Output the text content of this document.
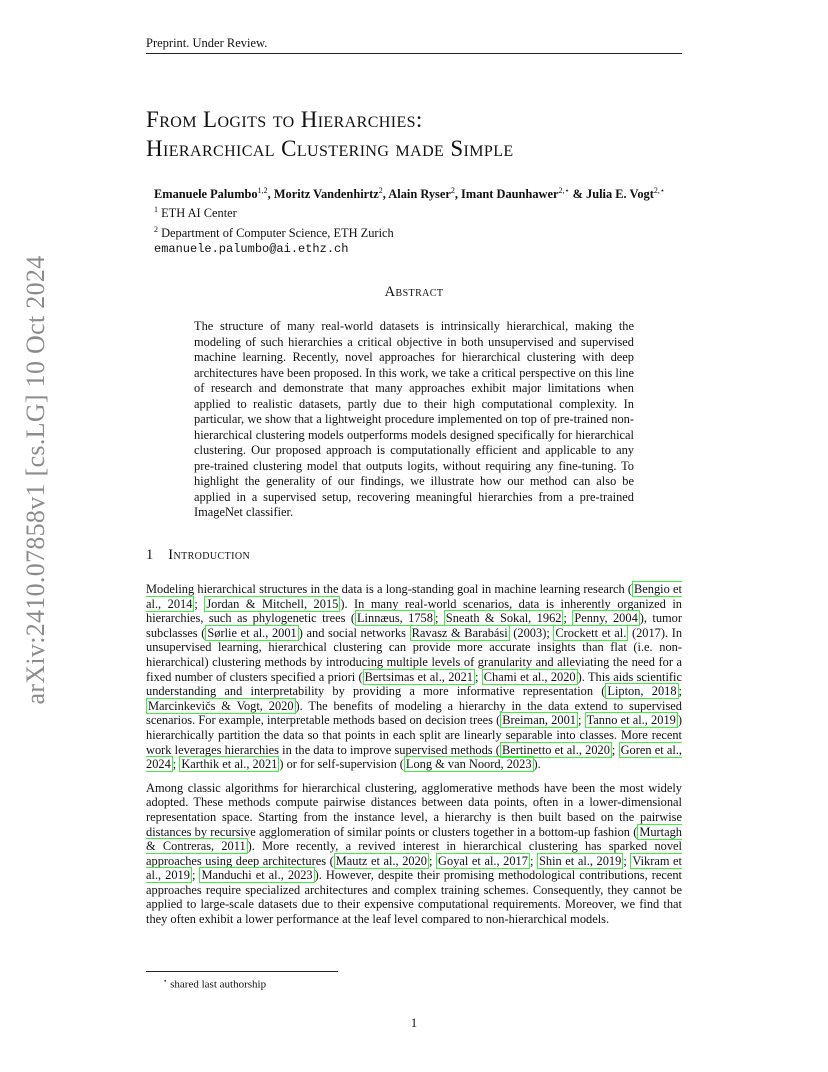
Preprint. Under Review.
arXiv:2410.07858v1 [cs.LG] 10 Oct 2024
From Logits to Hierarchies:
Hierarchical Clustering made Simple
Emanuele Palumbo$^{1,2}$, Moritz Vandenhirtz$^2$, Alain Ryser$^2$, Imant Daunhawer$^{2,⋆}$ & Julia E. Vogt$^{2,⋆}$
$^1$ ETH AI Center
$^2$ Department of Computer Science, ETH Zurich
emanuele.palumbo@ai.ethz.ch
Abstract
The structure of many real-world datasets is intrinsically hierarchical, making the modeling of such hierarchies a critical objective in both unsupervised and supervised machine learning. Recently, novel approaches for hierarchical clustering with deep architectures have been proposed. In this work, we take a critical perspective on this line of research and demonstrate that many approaches exhibit major limitations when applied to realistic datasets, partly due to their high computational complexity. In particular, we show that a lightweight procedure implemented on top of pre-trained non-hierarchical clustering models outperforms models designed specifically for hierarchical clustering. Our proposed approach is computationally efficient and applicable to any pre-trained clustering model that outputs logits, without requiring any fine-tuning. To highlight the generality of our findings, we illustrate how our method can also be applied in a supervised setup, recovering meaningful hierarchies from a pre-trained ImageNet classifier.
1 Introduction

Modeling hierarchical structures in the data is a long-standing goal in machine learning research ( Bengio et al., 2014 ; Jordan & Mitchell, 2015 ). In many real-world scenarios, data is inherently organized in hierarchies, such as phylogenetic trees ( Linnæus, 1758 ; Sneath & Sokal, 1962 ; Penny, 2004 ), tumor subclasses ( Sørlie et al., 2001 ) and social networks Ravasz & Barabási (2003); Crockett et al. (2017). In unsupervised learning, hierarchical clustering can provide more accurate insights than flat (i.e. non-hierarchical) clustering methods by introducing multiple levels of granularity and alleviating the need for a fixed number of clusters specified a priori ( Bertsimas et al., 2021 ; Chami et al., 2020 ). This aids scientific understanding and interpretability by providing a more informative representation ( Lipton, 2018 ; Marcinkevičs & Vogt, 2020 ). The benefits of modeling a hierarchy in the data extend to supervised scenarios. For example, interpretable methods based on decision trees ( Breiman, 2001 ; Tanno et al., 2019 ) hierarchically partition the data so that points in each split are linearly separable into classes. More recent work leverages hierarchies in the data to improve supervised methods ( Bertinetto et al., 2020 ; Goren et al., 2024 ; Karthik et al., 2021 ) or for self-supervision ( Long & van Noord, 2023 ).

Among classic algorithms for hierarchical clustering, agglomerative methods have been the most widely adopted. These methods compute pairwise distances between data points, often in a lower-dimensional representation space. Starting from the instance level, a hierarchy is then built based on the pairwise distances by recursive agglomeration of similar points or clusters together in a bottom-up fashion ( Murtagh & Contreras, 2011 ). More recently, a revived interest in hierarchical clustering has sparked novel approaches using deep architectures ( Mautz et al., 2020 ; Goyal et al., 2017 ; Shin et al., 2019 ; Vikram et al., 2019 ; Manduchi et al., 2023 ). However, despite their promising methodological contributions, recent approaches require specialized architectures and complex training schemes. Consequently, they cannot be applied to large-scale datasets due to their expensive computational requirements. Moreover, we find that they often exhibit a lower performance at the leaf level compared to non-hierarchical models.

⋆ shared last authorship
1
